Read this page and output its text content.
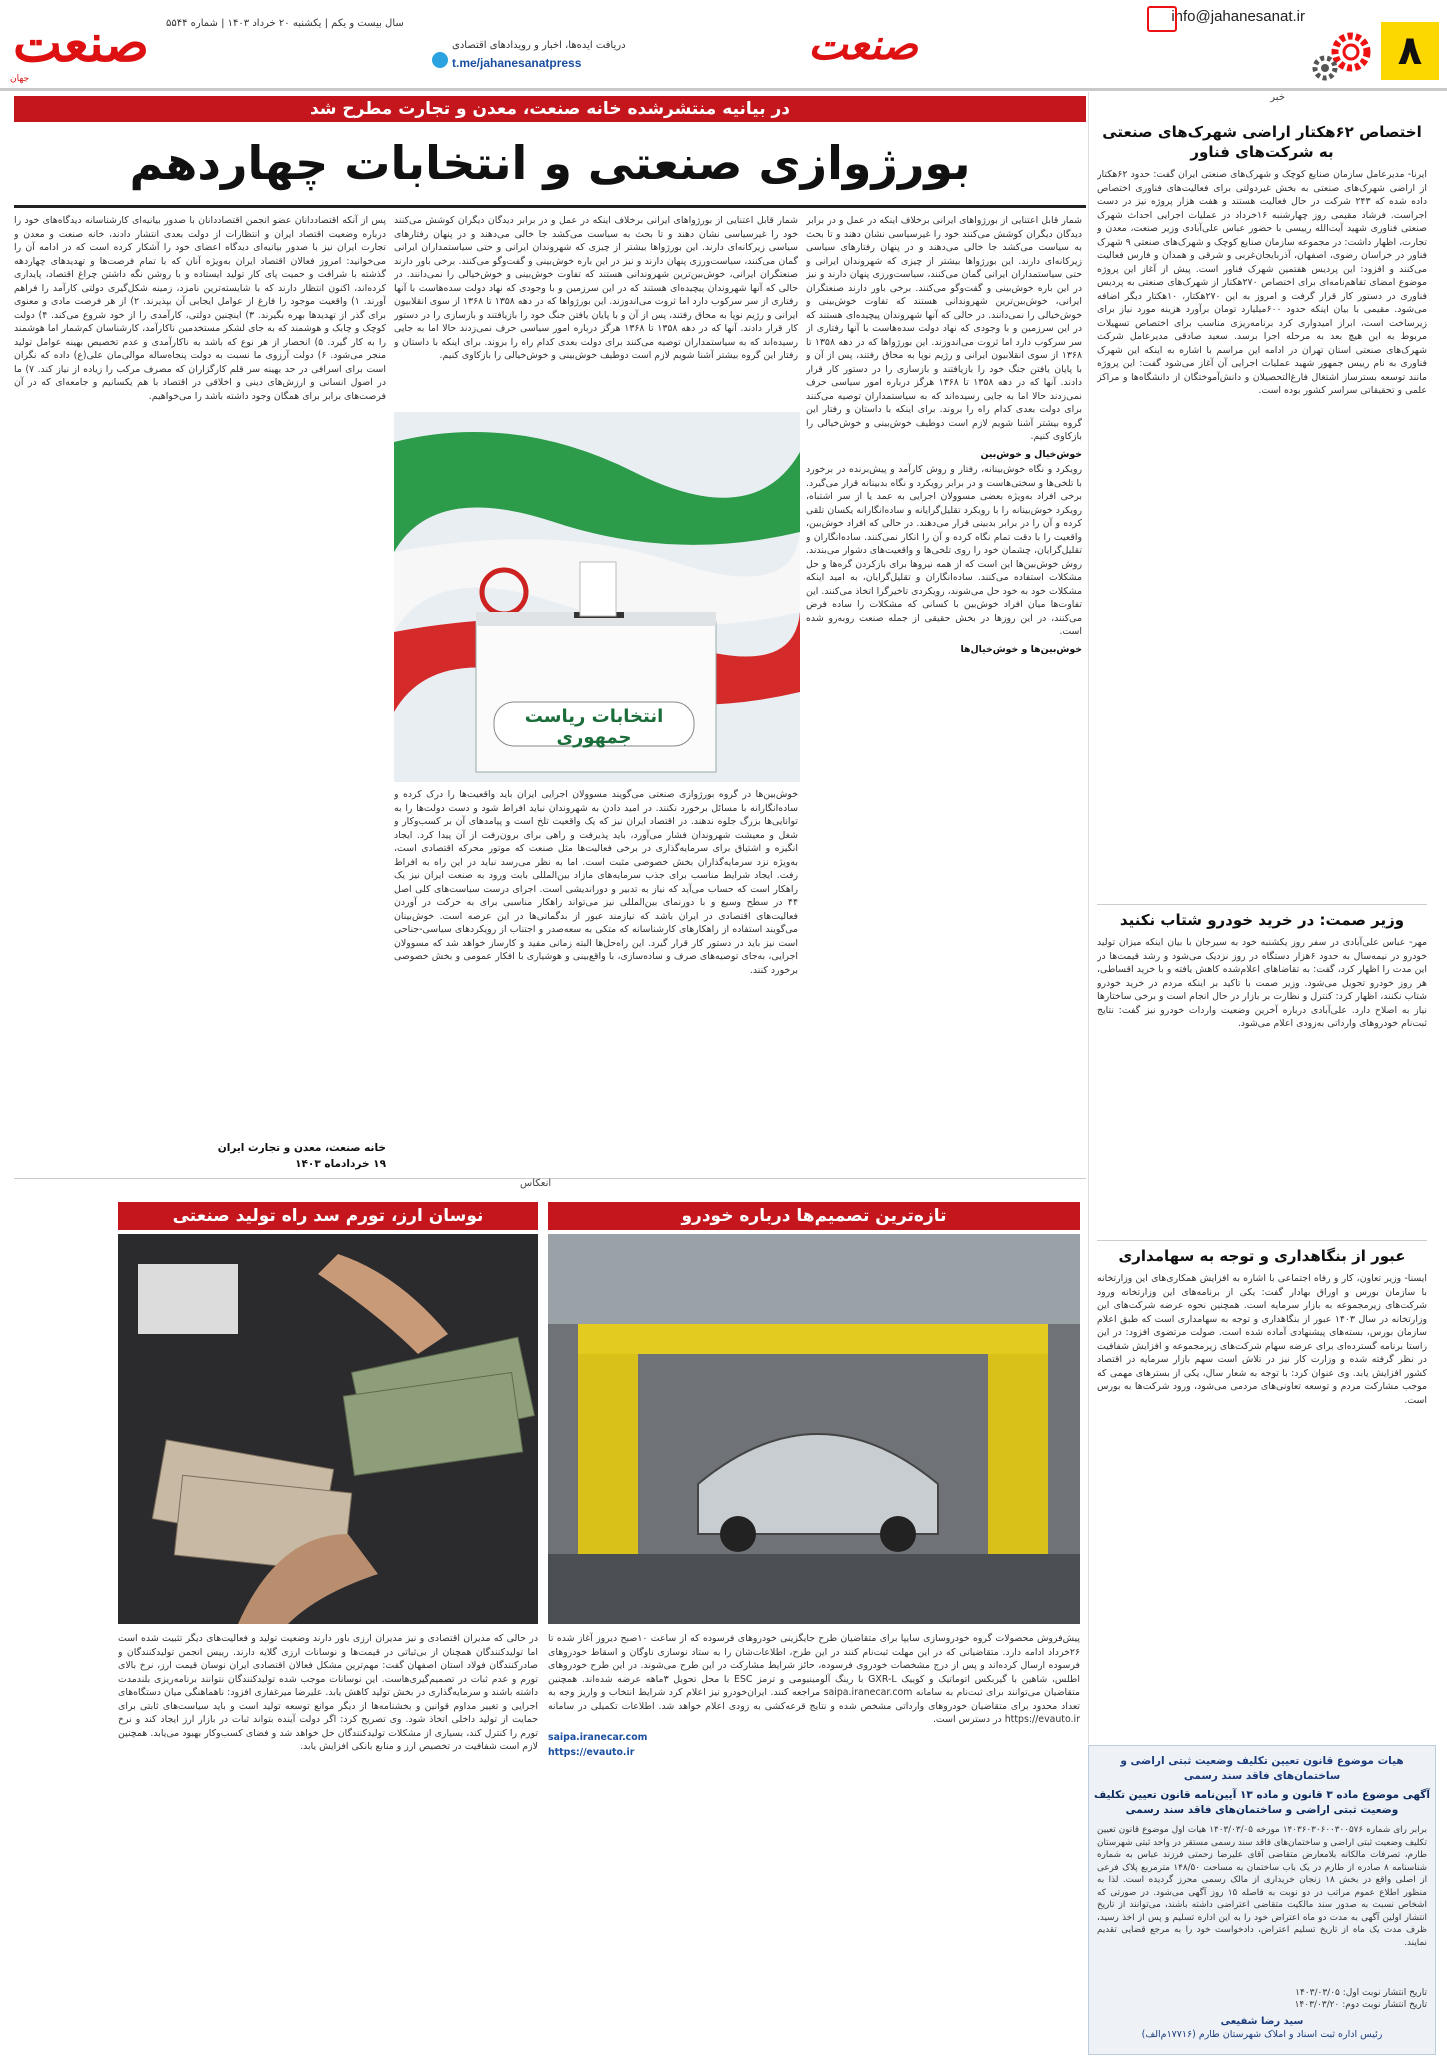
۸
info@jahanesanat.ir
صنعت
دریافت ایده‌ها، اخبار و رویدادهای اقتصادی
t.me/jahanesanatpress
سال بیست و یکم | یکشنبه ۲۰ خرداد ۱۴۰۳ | شماره ۵۵۴۴
صنعت
جهان
در بیانیه منتشرشده خانه صنعت، معدن و تجارت مطرح شد
بورژوازی صنعتی و انتخابات چهاردهم

شمار قابل اعتنایی از بورژواهای ایرانی برخلاف اینکه در عمل و در برابر دیدگان دیگران کوشش می‌کنند خود را غیرسیاسی نشان دهند و تا بحث به سیاست می‌کشد جا خالی می‌دهند و در پنهان رفتارهای سیاسی زیرکانه‌ای دارند. این بورژواها بیشتر از چیزی که شهروندان ایرانی و حتی سیاستمداران ایرانی گمان می‌کنند، سیاست‌ورزی پنهان دارند و نیز در این باره خوش‌بینی و گفت‌وگو می‌کنند. برخی باور دارند صنعتگران ایرانی، خوش‌بین‌ترین شهروندانی هستند که تفاوت خوش‌بینی و خوش‌خیالی را نمی‌دانند. در حالی که آنها شهروندان پیچیده‌ای هستند که در این سرزمین و با وجودی که نهاد دولت سده‌هاست با آنها رفتاری از سر سرکوب دارد اما ثروت می‌اندوزند. این بورژواها که در دهه ۱۳۵۸ تا ۱۳۶۸ از سوی انقلابیون ایرانی و رژیم نوپا به محاق رفتند، پس از آن و با پایان یافتن جنگ خود را بازیافتند و بازسازی را در دستور کار قرار دادند. آنها که در دهه ۱۳۵۸ تا ۱۳۶۸ هرگز درباره امور سیاسی حرف نمی‌زدند حالا اما به جایی رسیده‌اند که به سیاستمداران توصیه می‌کنند برای دولت بعدی کدام راه را بروند. برای اینکه با داستان و رفتار این گروه بیشتر آشنا شویم لازم است دوطیف خوش‌بینی و خوش‌خیالی را بازکاوی کنیم.

خوش‌خیال و خوش‌بین

رویکرد و نگاه خوش‌بینانه، رفتار و روش کارآمد و پیش‌برنده در برخورد با تلخی‌ها و سختی‌هاست و در برابر رویکرد و نگاه بدبینانه قرار می‌گیرد. برخی افراد به‌ویژه بعضی مسوولان اجرایی به عمد یا از سر اشتباه، رویکرد خوش‌بینانه را با رویکرد تقلیل‌گرایانه و ساده‌انگارانه یکسان تلقی کرده و آن را در برابر بدبینی قرار می‌دهند. در حالی که افراد خوش‌بین، واقعیت را با دقت تمام نگاه کرده و آن را انکار نمی‌کنند. ساده‌انگاران و تقلیل‌گرایان، چشمان خود را روی تلخی‌ها و واقعیت‌های دشوار می‌بندند. روش خوش‌بین‌ها این است که از همه نیروها برای بازکردن گره‌ها و حل مشکلات استفاده می‌کنند. ساده‌انگاران و تقلیل‌گرایان، به امید اینکه مشکلات خود به خود حل می‌شوند، رویکردی تاخیرگرا اتخاذ می‌کنند. این تفاوت‌ها میان افراد خوش‌بین با کسانی که مشکلات را ساده فرض می‌کنند، در این روزها در بخش حقیقی از جمله صنعت روبه‌رو شده است.

خوش‌بین‌ها و خوش‌خیال‌ها

شمار قابل اعتنایی از بورژواهای ایرانی برخلاف اینکه در عمل و در برابر دیدگان دیگران کوشش می‌کنند خود را غیرسیاسی نشان دهند و تا بحث به سیاست می‌کشد جا خالی می‌دهند و در پنهان رفتارهای سیاسی زیرکانه‌ای دارند. این بورژواها بیشتر از چیزی که شهروندان ایرانی و حتی سیاستمداران ایرانی گمان می‌کنند، سیاست‌ورزی پنهان دارند و نیز در این باره خوش‌بینی و گفت‌وگو می‌کنند. برخی باور دارند صنعتگران ایرانی، خوش‌بین‌ترین شهروندانی هستند که تفاوت خوش‌بینی و خوش‌خیالی را نمی‌دانند. در حالی که آنها شهروندان پیچیده‌ای هستند که در این سرزمین و با وجودی که نهاد دولت سده‌هاست با آنها رفتاری از سر سرکوب دارد اما ثروت می‌اندوزند. این بورژواها که در دهه ۱۳۵۸ تا ۱۳۶۸ از سوی انقلابیون ایرانی و رژیم نوپا به محاق رفتند، پس از آن و با پایان یافتن جنگ خود را بازیافتند و بازسازی را در دستور کار قرار دادند. آنها که در دهه ۱۳۵۸ تا ۱۳۶۸ هرگز درباره امور سیاسی حرف نمی‌زدند حالا اما به جایی رسیده‌اند که به سیاستمداران توصیه می‌کنند برای دولت بعدی کدام راه را بروند. برای اینکه با داستان و رفتار این گروه بیشتر آشنا شویم لازم است دوطیف خوش‌بینی و خوش‌خیالی را بازکاوی کنیم.

انتخابات ریاست جمهوری

خوش‌بین‌ها در گروه بورژوازی صنعتی می‌گویند مسوولان اجرایی ایران باید واقعیت‌ها را درک کرده و ساده‌انگارانه با مسائل برخورد نکنند. در امید دادن به شهروندان نباید افراط شود و دست دولت‌ها را به توانایی‌ها بزرگ جلوه ندهند. در اقتصاد ایران نیز که یک واقعیت تلخ است و پیامدهای آن بر کسب‌وکار و شغل و معیشت شهروندان فشار می‌آورد، باید پذیرفت و راهی برای برون‌رفت از آن پیدا کرد. ایجاد انگیزه و اشتیاق برای سرمایه‌گذاری در برخی فعالیت‌ها مثل صنعت که موتور محرکه اقتصادی است، به‌ویژه نزد سرمایه‌گذاران بخش خصوصی مثبت است. اما به نظر می‌رسد نباید در این راه به افراط رفت. ایجاد شرایط مناسب برای جذب سرمایه‌های مازاد بین‌المللی بابت ورود به صنعت ایران نیز یک راهکار است که حساب می‌آید که نیاز به تدبیر و دوراندیشی است. اجرای درست سیاست‌های کلی اصل ۴۴ در سطح وسیع و با دورنمای بین‌المللی نیز می‌تواند راهکار مناسبی برای به حرکت در آوردن فعالیت‌های اقتصادی در ایران باشد که نیازمند عبور از بدگمانی‌ها در این عرصه است. خوش‌بینان می‌گویند استفاده از راهکارهای کارشناسانه که متکی به سعه‌صدر و اجتناب از رویکردهای سیاسی-جناحی است نیز باید در دستور کار قرار گیرد. این راه‌حل‌ها البته زمانی مفید و کارساز خواهد شد که مسوولان اجرایی، به‌جای توصیه‌های صرف و ساده‌سازی، با واقع‌بینی و هوشیاری با افکار عمومی و بخش خصوصی برخورد کنند.

پس از آنکه اقتصاددانان عضو انجمن اقتصاددانان با صدور بیانیه‌ای کارشناسانه دیدگاه‌های خود را درباره وضعیت اقتصاد ایران و انتظارات از دولت بعدی انتشار دادند، خانه صنعت و معدن و تجارت ایران نیز با صدور بیانیه‌ای دیدگاه اعضای خود را آشکار کرده است که در ادامه آن را می‌خوانید: امروز فعالان اقتصاد ایران به‌ویژه آنان که با تمام فرصت‌ها و تهدیدهای چهاردهه گذشته با شرافت و حمیت پای کار تولید ایستاده و با روشن نگه داشتن چراغ اقتصاد، پایداری کرده‌اند، اکنون انتظار دارند که با شایسته‌ترین نامزد، زمینه شکل‌گیری دولتی کارآمد را فراهم آورند. ۱) واقعیت موجود را فارغ از عوامل ایجابی آن بپذیرند. ۲) از هر فرصت مادی و معنوی برای گذر از تهدیدها بهره بگیرند. ۳) اینچنین دولتی، کارآمدی را از خود شروع می‌کند. ۴) دولت کوچک و چابک و هوشمند که به جای لشکر مستخدمین ناکارآمد، کارشناسان کم‌شمار اما هوشمند را به کار گیرد. ۵) انحصار از هر نوع که باشد به ناکارآمدی و عدم تخصیص بهینه عوامل تولید منجر می‌شود. ۶) دولت آرزوی ما نسبت به دولت پنجاه‌ساله موالی‌مان علی(ع) داده که نگران است برای اسرافی در حد بهینه سر قلم کارگزاران که مصرف مرکب را زیاده از نیاز کند. ۷) ما در اصول انسانی و ارزش‌های دینی و اخلاقی در اقتصاد با هم یکسانیم و جامعه‌ای که در آن فرصت‌های برابر برای همگان وجود داشته باشد را می‌خواهیم.

خانه صنعت، معدن و تجارت ایران
۱۹ خرداد‌ماه ۱۴۰۳
خبر
اختصاص ۶۲هکتار اراضی شهرک‌های صنعتی به شرکت‌های فناور
ایرنا- مدیرعامل سازمان صنایع کوچک و شهرک‌های صنعتی ایران گفت: حدود ۶۲هکتار از اراضی شهرک‌های صنعتی به بخش غیردولتی برای فعالیت‌های فناوری اختصاص داده شده که ۲۴۳ شرکت در حال فعالیت هستند و هفت هزار پروژه نیز در دست اجراست. فرشاد مقیمی روز چهارشنبه ۱۶خرداد در عملیات اجرایی احداث شهرک صنعتی فناوری شهید آیت‌الله رییسی با حضور عباس علی‌آبادی وزیر صنعت، معدن و تجارت، اظهار داشت: در مجموعه سازمان صنایع کوچک و شهرک‌های صنعتی ۹ شهرک فناور در خراسان رضوی، اصفهان، آذربایجان‌غربی و شرقی و همدان و فارس فعالیت می‌کنند و افزود: این پردیس هفتمین شهرک فناور است. پیش از آغاز این پروژه موضوع امضای تفاهم‌نامه‌ای برای اختصاص ۲۷۰هکتار از شهرک‌های صنعتی به پردیس فناوری در دستور کار قرار گرفت و امروز به این ۲۷۰هکتار، ۱۰هکتار دیگر اضافه می‌شود. مقیمی با بیان اینکه حدود ۶۰۰میلیارد تومان برآورد هزینه مورد نیاز برای زیرساخت است، ابراز امیدواری کرد برنامه‌ریزی مناسب برای اختصاص تسهیلات مربوط به این هیچ بعد به مرحله اجرا برسد. سعید صادقی مدیرعامل شرکت شهرک‌های صنعتی استان تهران در ادامه این مراسم با اشاره به اینکه این شهرک فناوری به نام رییس جمهور شهید عملیات اجرایی آن آغاز می‌شود گفت: این پروژه مانند توسعه بسترساز اشتغال فارغ‌التحصیلان و دانش‌آموختگان از دانشگاه‌ها و مراکز علمی و تحقیقاتی سراسر کشور بوده است.
وزیر صمت: در خرید خودرو شتاب نکنید
مهر- عباس علی‌آبادی در سفر روز یکشنبه خود به سیرجان با بیان اینکه میزان تولید خودرو در نیمه‌سال به حدود ۶هزار دستگاه در روز نزدیک می‌شود و رشد قیمت‌ها در این مدت را اظهار کرد، گفت: به تقاضاهای اعلام‌شده کاهش یافته و با خرید اقساطی، هر روز خودرو تحویل می‌شود. وزیر صمت با تاکید بر اینکه مردم در خرید خودرو شتاب نکنند، اظهار کرد: کنترل و نظارت بر بازار در حال انجام است و برخی ساختارها نیاز به اصلاح دارد. علی‌آبادی درباره آخرین وضعیت واردات خودرو نیز گفت: نتایج ثبت‌نام خودروهای وارداتی به‌زودی اعلام می‌شود.
عبور از بنگاهداری و توجه به سهامداری
ایسنا- وزیر تعاون، کار و رفاه اجتماعی با اشاره به افزایش همکاری‌های این وزارتخانه با سازمان بورس و اوراق بهادار گفت: یکی از برنامه‌های این وزارتخانه ورود شرکت‌های زیرمجموعه به بازار سرمایه است. همچنین نحوه عرضه شرکت‌های این وزارتخانه در سال ۱۴۰۳ عبور از بنگاهداری و توجه به سهامداری است که طبق اعلام سازمان بورس، بسته‌های پیشنهادی آماده شده است. صولت مرتضوی افزود: در این راستا برنامه گسترده‌ای برای عرضه سهام شرکت‌های زیرمجموعه و افزایش شفافیت در نظر گرفته شده و وزارت کار نیز در تلاش است سهم بازار سرمایه در اقتصاد کشور افزایش یابد. وی عنوان کرد: با توجه به شعار سال، یکی از بسترهای مهمی که موجب مشارکت مردم و توسعه تعاونی‌های مردمی می‌شود، ورود شرکت‌ها به بورس است.
انعکاس
تازه‌ترین تصمیم‌ها درباره خودرو
نوسان ارز، تورم سد راه تولید صنعتی

پیش‌فروش محصولات گروه خودروسازی سایپا برای متقاضیان طرح جایگزینی خودروهای فرسوده که از ساعت ۱۰صبح دیروز آغاز شده تا ۲۶خرداد ادامه دارد. متقاضیانی که در این مهلت ثبت‌نام کنند در این طرح، اطلاعات‌شان را به ستاد نوسازی ناوگان و اسقاط خودروهای فرسوده ارسال کرده‌اند و پس از درج مشخصات خودروی فرسوده، حائز شرایط مشارکت در این طرح می‌شوند. در این طرح خودروهای اطلس، شاهین با گیربکس اتوماتیک و کوییک GXR-L با رینگ آلومینیومی و ترمز ESC با محل تحویل ۳ماهه عرضه شده‌اند. همچنین متقاضیان می‌توانند برای ثبت‌نام به سامانه saipa.iranecar.com مراجعه کنند. ایران‌خودرو نیز اعلام کرد شرایط انتخاب و واریز وجه به تعداد محدود برای متقاضیان خودروهای وارداتی مشخص شده و نتایج قرعه‌کشی به زودی اعلام خواهد شد. اطلاعات تکمیلی در سامانه https://evauto.ir در دسترس است.

saipa.iranecar.com

https://evauto.ir

در حالی که مدیران اقتصادی و نیز مدیران ارزی باور دارند وضعیت تولید و فعالیت‌های دیگر تثبیت شده است اما تولیدکنندگان همچنان از بی‌ثباتی در قیمت‌ها و نوسانات ارزی گلایه دارند. رییس انجمن تولیدکنندگان و صادرکنندگان فولاد استان اصفهان گفت: مهم‌ترین مشکل فعالان اقتصادی ایران نوسان قیمت ارز، نرخ بالای تورم و عدم ثبات در تصمیم‌گیری‌هاست. این نوسانات موجب شده تولیدکنندگان نتوانند برنامه‌ریزی بلندمدت داشته باشند و سرمایه‌گذاری در بخش تولید کاهش یابد. علیرضا میرغفاری افزود: ناهماهنگی میان دستگاه‌های اجرایی و تغییر مداوم قوانین و بخشنامه‌ها از دیگر موانع توسعه تولید است و باید سیاست‌های ثابتی برای حمایت از تولید داخلی اتخاذ شود. وی تصریح کرد: اگر دولت آینده بتواند ثبات در بازار ارز ایجاد کند و نرخ تورم را کنترل کند، بسیاری از مشکلات تولیدکنندگان حل خواهد شد و فضای کسب‌وکار بهبود می‌یابد. همچنین لازم است شفافیت در تخصیص ارز و منابع بانکی افزایش یابد.

هیات موضوع قانون تعیین تکلیف وضعیت ثبتی اراضی و ساختمان‌های فاقد سند رسمی
آگهی موضوع ماده ۳ قانون و ماده ۱۳ آیین‌نامه قانون تعیین تکلیف وضعیت ثبتی اراضی و ساختمان‌های فاقد سند رسمی
برابر رای شماره ۱۴۰۳۶۰۳۰۶۰۰۳۰۰۵۷۶ مورخه ۱۴۰۳/۰۳/۰۵ هیات اول موضوع قانون تعیین تکلیف وضعیت ثبتی اراضی و ساختمان‌های فاقد سند رسمی مستقر در واحد ثبتی شهرستان طارم، تصرفات مالکانه بلامعارض متقاضی آقای علیرضا زحمتی فرزند عباس به شماره شناسنامه ۸ صادره از طارم در یک باب ساختمان به مساحت ۱۴۸/۵۰ مترمربع پلاک فرعی از اصلی واقع در بخش ۱۸ زنجان خریداری از مالک رسمی محرز گردیده است. لذا به منظور اطلاع عموم مراتب در دو نوبت به فاصله ۱۵ روز آگهی می‌شود. در صورتی که اشخاص نسبت به صدور سند مالکیت متقاضی اعتراضی داشته باشند، می‌توانند از تاریخ انتشار اولین آگهی به مدت دو ماه اعتراض خود را به این اداره تسلیم و پس از اخذ رسید، ظرف مدت یک ماه از تاریخ تسلیم اعتراض، دادخواست خود را به مرجع قضایی تقدیم نمایند.
تاریخ انتشار نوبت اول: ۱۴۰۳/۰۳/۰۵
تاریخ انتشار نوبت دوم: ۱۴۰۳/۰۳/۲۰
سید رضا شفیعی
رئیس اداره ثبت اسناد و املاک شهرستان طارم (۱۷۷۱۶م‌الف)
